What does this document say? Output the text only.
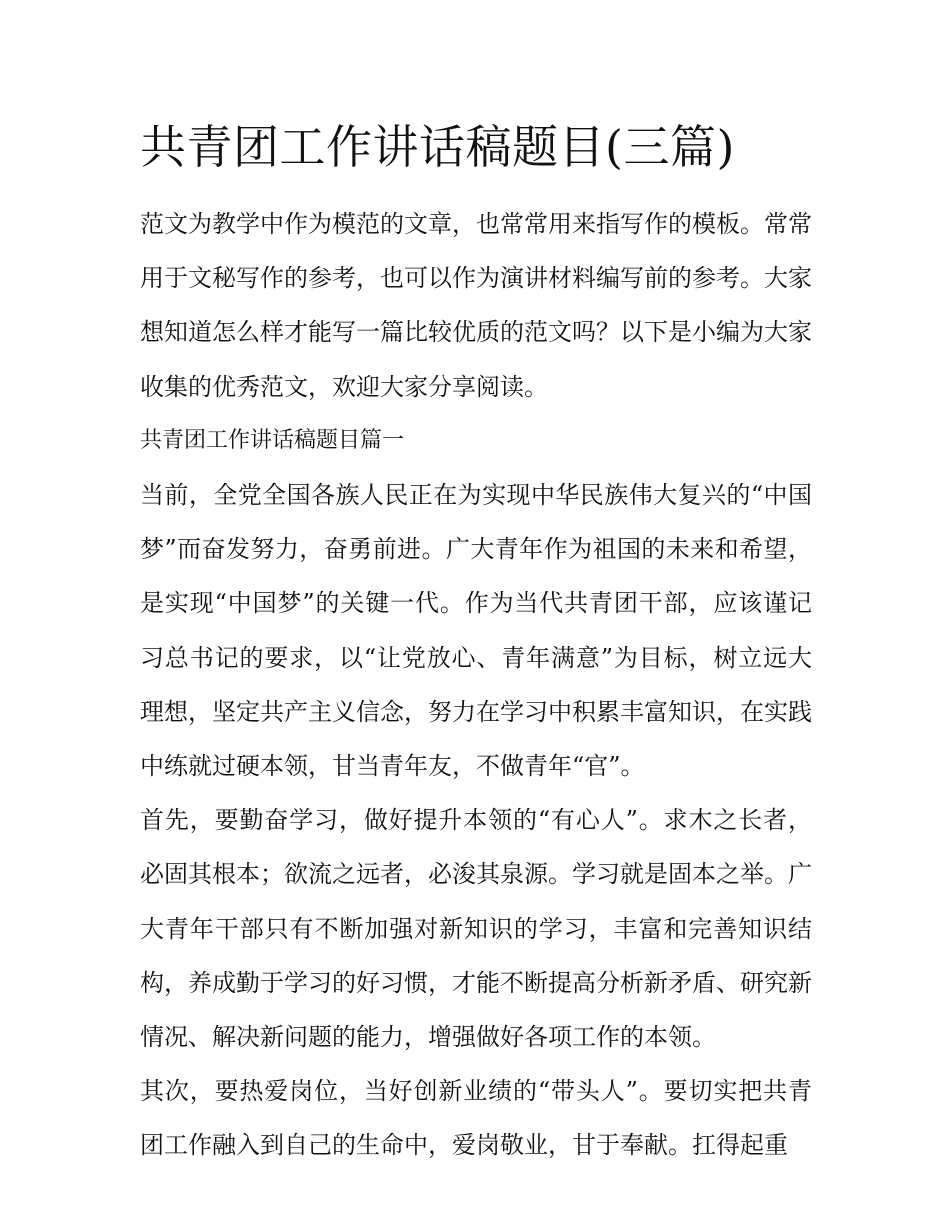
共青团工作讲话稿题目(三篇)

范文为教学中作为模范的文章，也常常用来指写作的模板。常常用于文秘写作的参考，也可以作为演讲材料编写前的参考。大家想知道怎么样才能写一篇比较优质的范文吗？以下是小编为大家收集的优秀范文，欢迎大家分享阅读。

共青团工作讲话稿题目篇一

当前，全党全国各族人民正在为实现中华民族伟大复兴的“中国梦”而奋发努力，奋勇前进。广大青年作为祖国的未来和希望，是实现“中国梦”的关键一代。作为当代共青团干部，应该谨记习总书记的要求，以“让党放心、青年满意”为目标，树立远大理想，坚定共产主义信念，努力在学习中积累丰富知识，在实践中练就过硬本领，甘当青年友，不做青年“官”。

首先，要勤奋学习，做好提升本领的“有心人”。求木之长者，必固其根本；欲流之远者，必浚其泉源。学习就是固本之举。广大青年干部只有不断加强对新知识的学习，丰富和完善知识结构，养成勤于学习的好习惯，才能不断提高分析新矛盾、研究新情况、解决新问题的能力，增强做好各项工作的本领。

其次，要热爱岗位，当好创新业绩的“带头人”。要切实把共青团工作融入到自己的生命中，爱岗敬业，甘于奉献。扛得起重
